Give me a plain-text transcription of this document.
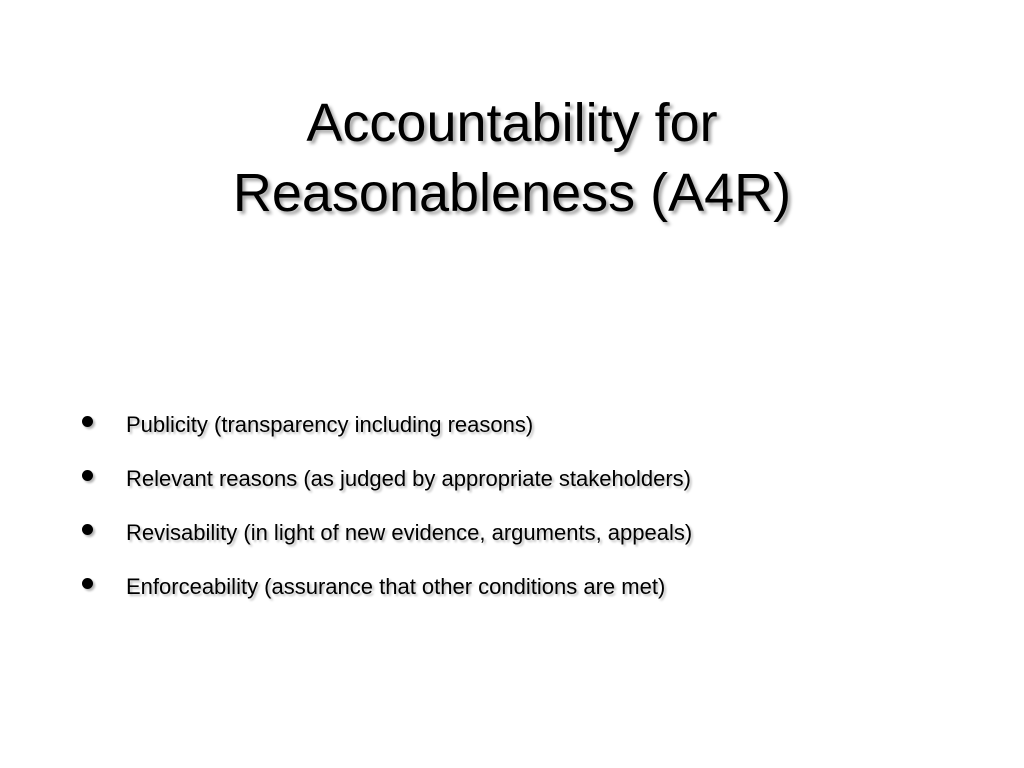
Accountability for
Reasonableness (A4R)
Publicity (transparency including reasons)
Relevant reasons (as judged by appropriate stakeholders)
Revisability (in light of new evidence, arguments, appeals)
Enforceability (assurance that other conditions are met)
